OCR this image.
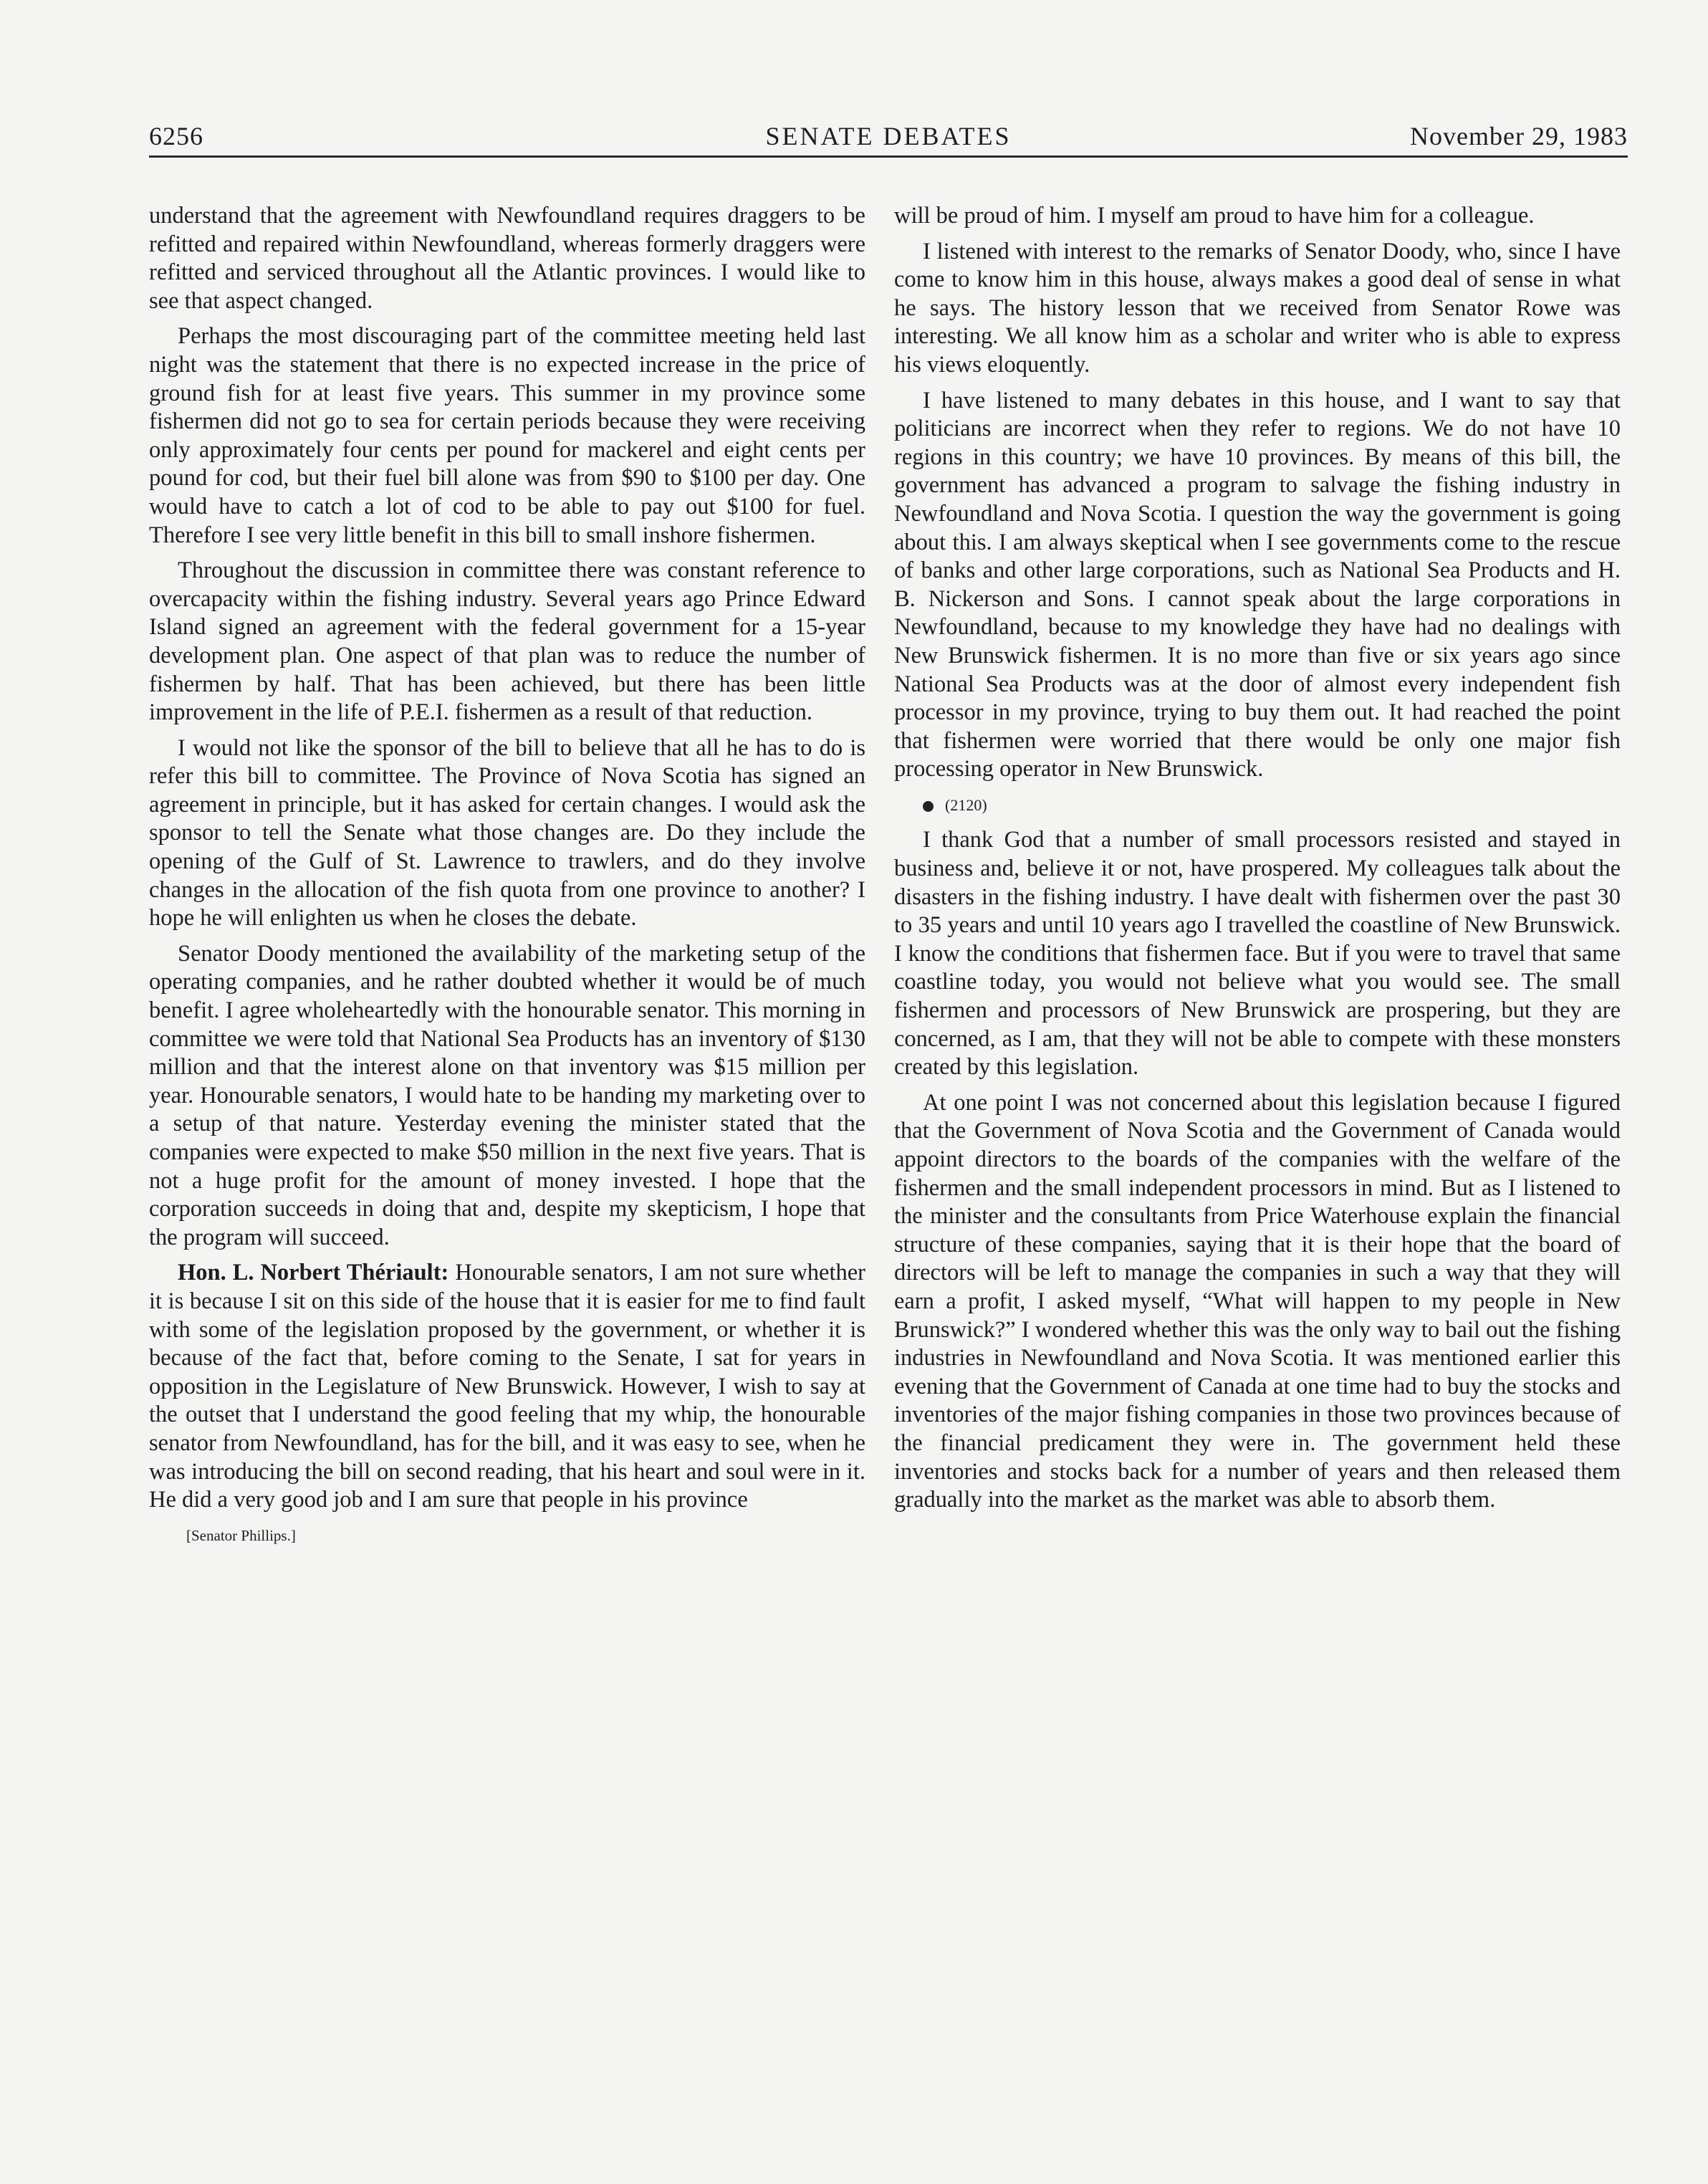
6256	SENATE DEBATES	November 29, 1983

understand that the agreement with Newfoundland requires draggers to be refitted and repaired within Newfoundland, whereas formerly draggers were refitted and serviced throughout all the Atlantic provinces. I would like to see that aspect changed.

Perhaps the most discouraging part of the committee meeting held last night was the statement that there is no expected increase in the price of ground fish for at least five years. This summer in my province some fishermen did not go to sea for certain periods because they were receiving only approximately four cents per pound for mackerel and eight cents per pound for cod, but their fuel bill alone was from $90 to $100 per day. One would have to catch a lot of cod to be able to pay out $100 for fuel. Therefore I see very little benefit in this bill to small inshore fishermen.

Throughout the discussion in committee there was constant reference to overcapacity within the fishing industry. Several years ago Prince Edward Island signed an agreement with the federal government for a 15-year development plan. One aspect of that plan was to reduce the number of fishermen by half. That has been achieved, but there has been little improvement in the life of P.E.I. fishermen as a result of that reduction.

I would not like the sponsor of the bill to believe that all he has to do is refer this bill to committee. The Province of Nova Scotia has signed an agreement in principle, but it has asked for certain changes. I would ask the sponsor to tell the Senate what those changes are. Do they include the opening of the Gulf of St. Lawrence to trawlers, and do they involve changes in the allocation of the fish quota from one province to another? I hope he will enlighten us when he closes the debate.

Senator Doody mentioned the availability of the marketing setup of the operating companies, and he rather doubted whether it would be of much benefit. I agree wholeheartedly with the honourable senator. This morning in committee we were told that National Sea Products has an inventory of $130 million and that the interest alone on that inventory was $15 million per year. Honourable senators, I would hate to be handing my marketing over to a setup of that nature. Yesterday evening the minister stated that the companies were expected to make $50 million in the next five years. That is not a huge profit for the amount of money invested. I hope that the corporation succeeds in doing that and, despite my skepticism, I hope that the program will succeed.

Hon. L. Norbert Thériault: Honourable senators, I am not sure whether it is because I sit on this side of the house that it is easier for me to find fault with some of the legislation proposed by the government, or whether it is because of the fact that, before coming to the Senate, I sat for years in opposition in the Legislature of New Brunswick. However, I wish to say at the outset that I understand the good feeling that my whip, the honourable senator from Newfoundland, has for the bill, and it was easy to see, when he was introducing the bill on second reading, that his heart and soul were in it. He did a very good job and I am sure that people in his province

[Senator Phillips.]

will be proud of him. I myself am proud to have him for a colleague.

I listened with interest to the remarks of Senator Doody, who, since I have come to know him in this house, always makes a good deal of sense in what he says. The history lesson that we received from Senator Rowe was interesting. We all know him as a scholar and writer who is able to express his views eloquently.

I have listened to many debates in this house, and I want to say that politicians are incorrect when they refer to regions. We do not have 10 regions in this country; we have 10 provinces. By means of this bill, the government has advanced a program to salvage the fishing industry in Newfoundland and Nova Scotia. I question the way the government is going about this. I am always skeptical when I see governments come to the rescue of banks and other large corporations, such as National Sea Products and H. B. Nickerson and Sons. I cannot speak about the large corporations in Newfoundland, because to my knowledge they have had no dealings with New Brunswick fishermen. It is no more than five or six years ago since National Sea Products was at the door of almost every independent fish processor in my province, trying to buy them out. It had reached the point that fishermen were worried that there would be only one major fish processing operator in New Brunswick.

(2120)

I thank God that a number of small processors resisted and stayed in business and, believe it or not, have prospered. My colleagues talk about the disasters in the fishing industry. I have dealt with fishermen over the past 30 to 35 years and until 10 years ago I travelled the coastline of New Brunswick. I know the conditions that fishermen face. But if you were to travel that same coastline today, you would not believe what you would see. The small fishermen and processors of New Brunswick are prospering, but they are concerned, as I am, that they will not be able to compete with these monsters created by this legislation.

At one point I was not concerned about this legislation because I figured that the Government of Nova Scotia and the Government of Canada would appoint directors to the boards of the companies with the welfare of the fishermen and the small independent processors in mind. But as I listened to the minister and the consultants from Price Waterhouse explain the financial structure of these companies, saying that it is their hope that the board of directors will be left to manage the companies in such a way that they will earn a profit, I asked myself, “What will happen to my people in New Brunswick?” I wondered whether this was the only way to bail out the fishing industries in Newfoundland and Nova Scotia. It was mentioned earlier this evening that the Government of Canada at one time had to buy the stocks and inventories of the major fishing companies in those two provinces because of the financial predicament they were in. The government held these inventories and stocks back for a number of years and then released them gradually into the market as the market was able to absorb them.
